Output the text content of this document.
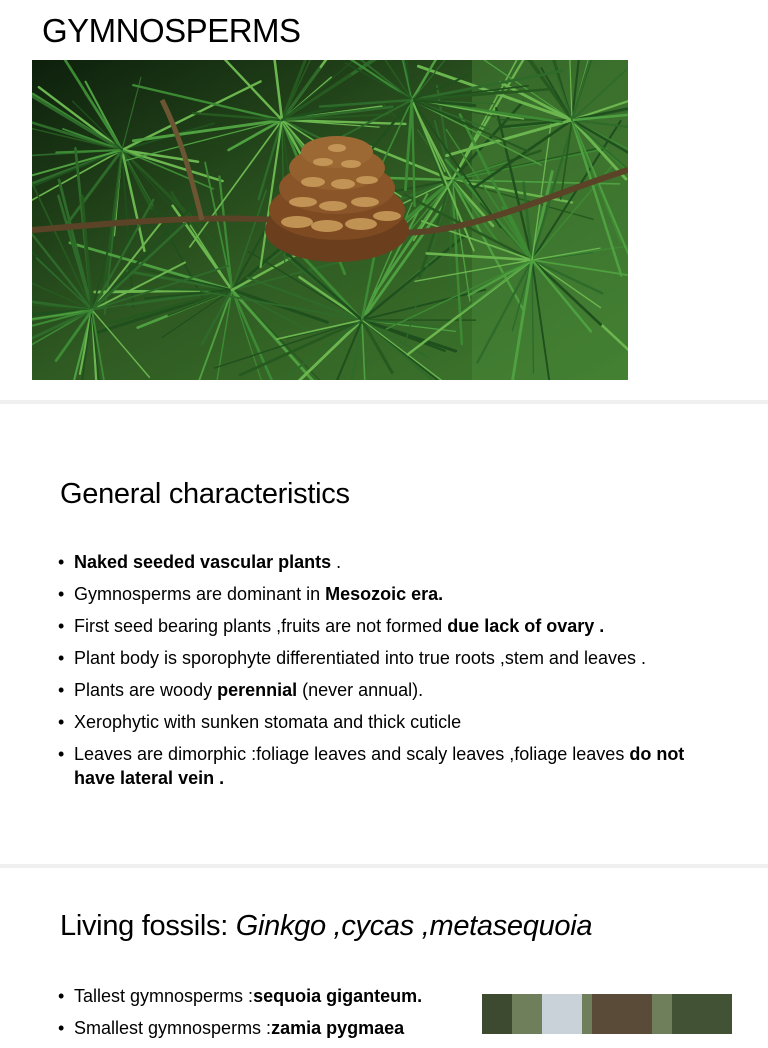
GYMNOSPERMS
General characteristics
• Naked seeded vascular plants .
• Gymnosperms are dominant in Mesozoic era.
• First seed bearing plants ,fruits are not formed due lack of ovary .
• Plant body is sporophyte differentiated into true roots ,stem and leaves .
• Plants are woody perennial (never annual).
• Xerophytic with sunken stomata and thick cuticle
• Leaves are dimorphic :foliage leaves and scaly leaves ,foliage leaves do not have lateral vein .
Living fossils: Ginkgo ,cycas ,metasequoia
• Tallest gymnosperms :sequoia giganteum.
• Smallest gymnosperms :zamia pygmaea
